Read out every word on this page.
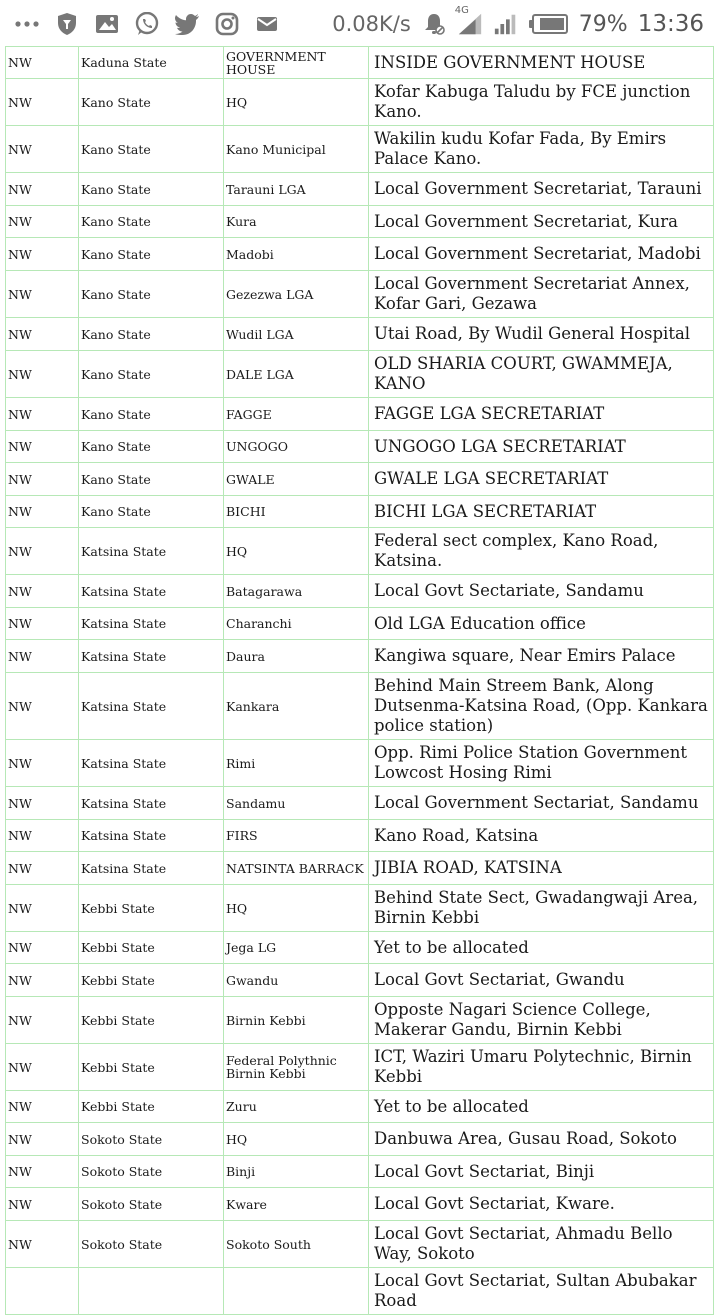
0.08K/s
4G
79% 13:36
NW	Kaduna State	GOVERNMENT HOUSE	INSIDE GOVERNMENT HOUSE
NW	Kano State	HQ	Kofar Kabuga Taludu by FCE junction Kano.
NW	Kano State	Kano Municipal	Wakilin kudu Kofar Fada, By Emirs Palace Kano.
NW	Kano State	Tarauni LGA	Local Government Secretariat, Tarauni
NW	Kano State	Kura	Local Government Secretariat, Kura
NW	Kano State	Madobi	Local Government Secretariat, Madobi
NW	Kano State	Gezezwa LGA	Local Government Secretariat Annex, Kofar Gari, Gezawa
NW	Kano State	Wudil LGA	Utai Road, By Wudil General Hospital
NW	Kano State	DALE LGA	OLD SHARIA COURT, GWAMMEJA, KANO
NW	Kano State	FAGGE	FAGGE LGA SECRETARIAT
NW	Kano State	UNGOGO	UNGOGO LGA SECRETARIAT
NW	Kano State	GWALE	GWALE LGA SECRETARIAT
NW	Kano State	BICHI	BICHI LGA SECRETARIAT
NW	Katsina State	HQ	Federal sect complex, Kano Road, Katsina.
NW	Katsina State	Batagarawa	Local Govt Sectariate, Sandamu
NW	Katsina State	Charanchi	Old LGA Education office
NW	Katsina State	Daura	Kangiwa square, Near Emirs Palace
NW	Katsina State	Kankara	Behind Main Streem Bank, Along Dutsenma-Katsina Road, (Opp. Kankara police station)
NW	Katsina State	Rimi	Opp. Rimi Police Station Government Lowcost Hosing Rimi
NW	Katsina State	Sandamu	Local Government Sectariat, Sandamu
NW	Katsina State	FIRS	Kano Road, Katsina
NW	Katsina State	NATSINTA BARRACK	JIBIA ROAD, KATSINA
NW	Kebbi State	HQ	Behind State Sect, Gwadangwaji Area, Birnin Kebbi
NW	Kebbi State	Jega LG	Yet to be allocated
NW	Kebbi State	Gwandu	Local Govt Sectariat, Gwandu
NW	Kebbi State	Birnin Kebbi	Opposte Nagari Science College, Makerar Gandu, Birnin Kebbi
NW	Kebbi State	Federal Polythnic Birnin Kebbi	ICT, Waziri Umaru Polytechnic, Birnin Kebbi
NW	Kebbi State	Zuru	Yet to be allocated
NW	Sokoto State	HQ	Danbuwa Area, Gusau Road, Sokoto
NW	Sokoto State	Binji	Local Govt Sectariat, Binji
NW	Sokoto State	Kware	Local Govt Sectariat, Kware.
NW	Sokoto State	Sokoto South	Local Govt Sectariat, Ahmadu Bello Way, Sokoto
			Local Govt Sectariat, Sultan Abubakar Road
